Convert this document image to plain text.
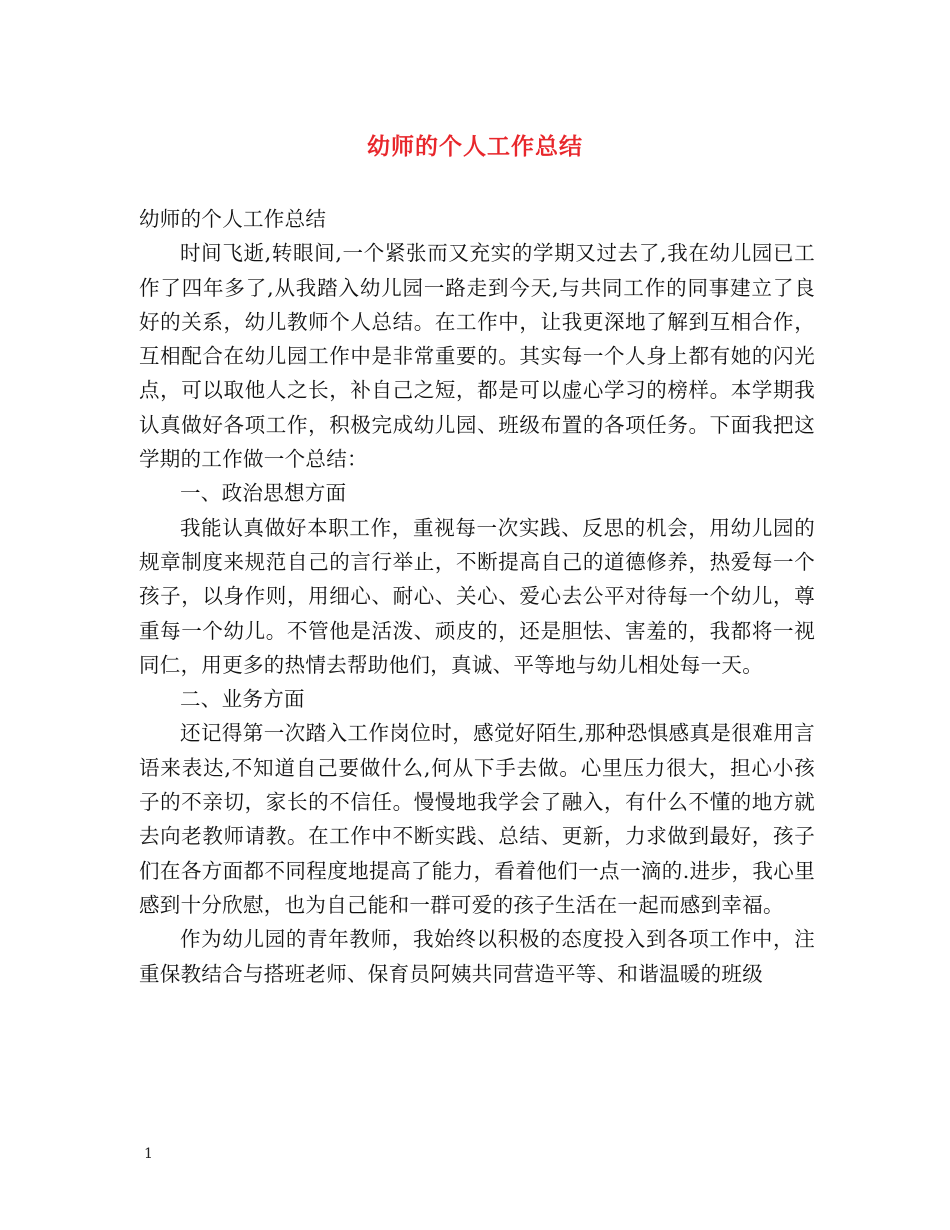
幼师的个人工作总结

幼师的个人工作总结

时间飞逝,转眼间,一个紧张而又充实的学期又过去了,我在幼儿园已工作了四年多了,从我踏入幼儿园一路走到今天,与共同工作的同事建立了良好的关系，幼儿教师个人总结。在工作中，让我更深地了解到互相合作，互相配合在幼儿园工作中是非常重要的。其实每一个人身上都有她的闪光点，可以取他人之长，补自己之短，都是可以虚心学习的榜样。本学期我认真做好各项工作，积极完成幼儿园、班级布置的各项任务。下面我把这学期的工作做一个总结：

一、政治思想方面

我能认真做好本职工作，重视每一次实践、反思的机会，用幼儿园的规章制度来规范自己的言行举止，不断提高自己的道德修养，热爱每一个孩子，以身作则，用细心、耐心、关心、爱心去公平对待每一个幼儿，尊重每一个幼儿。不管他是活泼、顽皮的，还是胆怯、害羞的，我都将一视同仁，用更多的热情去帮助他们，真诚、平等地与幼儿相处每一天。

二、业务方面

还记得第一次踏入工作岗位时，感觉好陌生,那种恐惧感真是很难用言语来表达,不知道自己要做什么,何从下手去做。心里压力很大，担心小孩子的不亲切，家长的不信任。慢慢地我学会了融入，有什么不懂的地方就去向老教师请教。在工作中不断实践、总结、更新，力求做到最好，孩子们在各方面都不同程度地提高了能力，看着他们一点一滴的.进步，我心里感到十分欣慰，也为自己能和一群可爱的孩子生活在一起而感到幸福。

作为幼儿园的青年教师，我始终以积极的态度投入到各项工作中，注重保教结合与搭班老师、保育员阿姨共同营造平等、和谐温暖的班级

1
